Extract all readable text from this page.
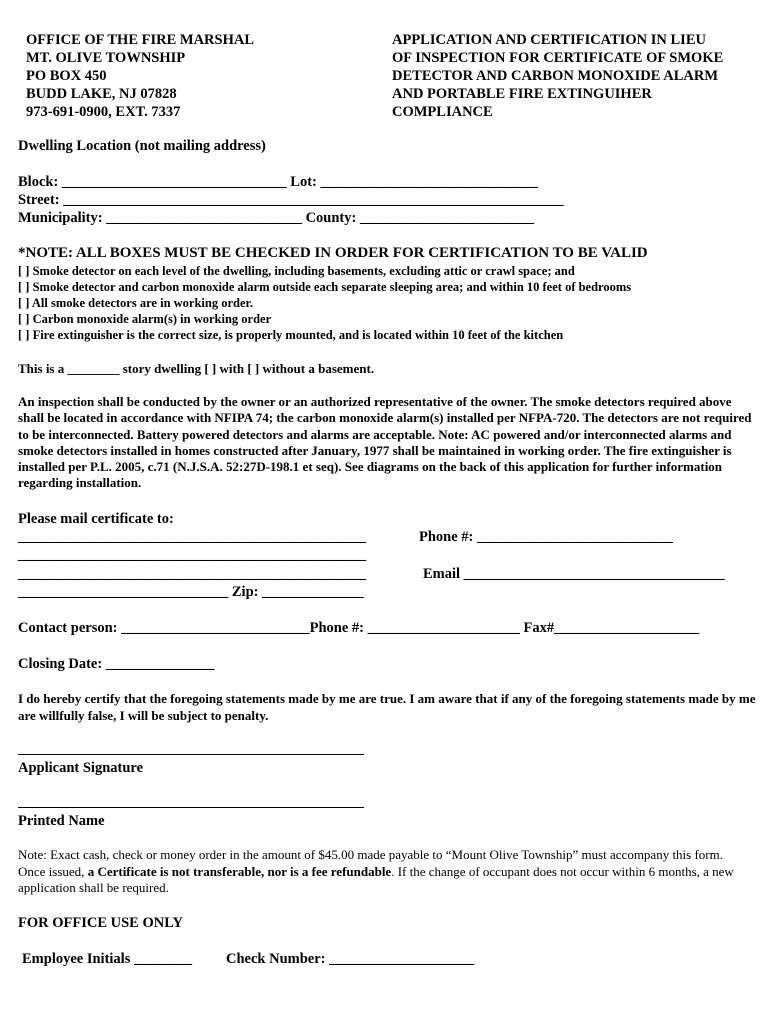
OFFICE OF THE FIRE MARSHAL
MT. OLIVE TOWNSHIP
PO BOX 450
BUDD LAKE, NJ 07828
973-691-0900, EXT. 7337
APPLICATION AND CERTIFICATION IN LIEU
OF INSPECTION FOR CERTIFICATE OF SMOKE
DETECTOR AND CARBON MONOXIDE ALARM
AND PORTABLE FIRE EXTINGUIHER
COMPLIANCE

Dwelling Location (not mailing address)

Block: _______________________________ Lot: ______________________________

Street: _____________________________________________________________________

Municipality: ___________________________ County: ________________________

*NOTE: ALL BOXES MUST BE CHECKED IN ORDER FOR CERTIFICATION TO BE VALID

[ ] Smoke detector on each level of the dwelling, including basements, excluding attic or crawl space; and
[ ] Smoke detector and carbon monoxide alarm outside each separate sleeping area; and within 10 feet of bedrooms
[ ] All smoke detectors are in working order.
[ ] Carbon monoxide alarm(s) in working order
[ ] Fire extinguisher is the correct size, is properly mounted, and is located within 10 feet of the kitchen

This is a ________ story dwelling [ ] with [ ] without a basement.

An inspection shall be conducted by the owner or an authorized representative of the owner. The smoke detectors required above shall be located in accordance with NFIPA 74; the carbon monoxide alarm(s) installed per NFPA-720. The detectors are not required to be interconnected. Battery powered detectors and alarms are acceptable. Note: AC powered and/or interconnected alarms and smoke detectors installed in homes constructed after January, 1977 shall be maintained in working order. The fire extinguisher is installed per P.L. 2005, c.71 (N.J.S.A. 52:27D-198.1 et seq). See diagrams on the back of this application for further information regarding installation.

Please mail certificate to:

________________________________________________	Phone #: ___________________________

________________________________________________

________________________________________________	Email ____________________________________

_____________________________ Zip: ______________

Contact person: __________________________Phone #: _____________________ Fax#____________________

Closing Date: _______________

I do hereby certify that the foregoing statements made by me are true. I am aware that if any of the foregoing statements made by me are willfully false, I will be subject to penalty.

Applicant Signature

Printed Name

Note: Exact cash, check or money order in the amount of $45.00 made payable to “Mount Olive Township” must accompany this form. Once issued, a Certificate is not transferable, nor is a fee refundable. If the change of occupant does not occur within 6 months, a new application shall be required.

FOR OFFICE USE ONLY

Employee Initials ________ Check Number: ____________________
